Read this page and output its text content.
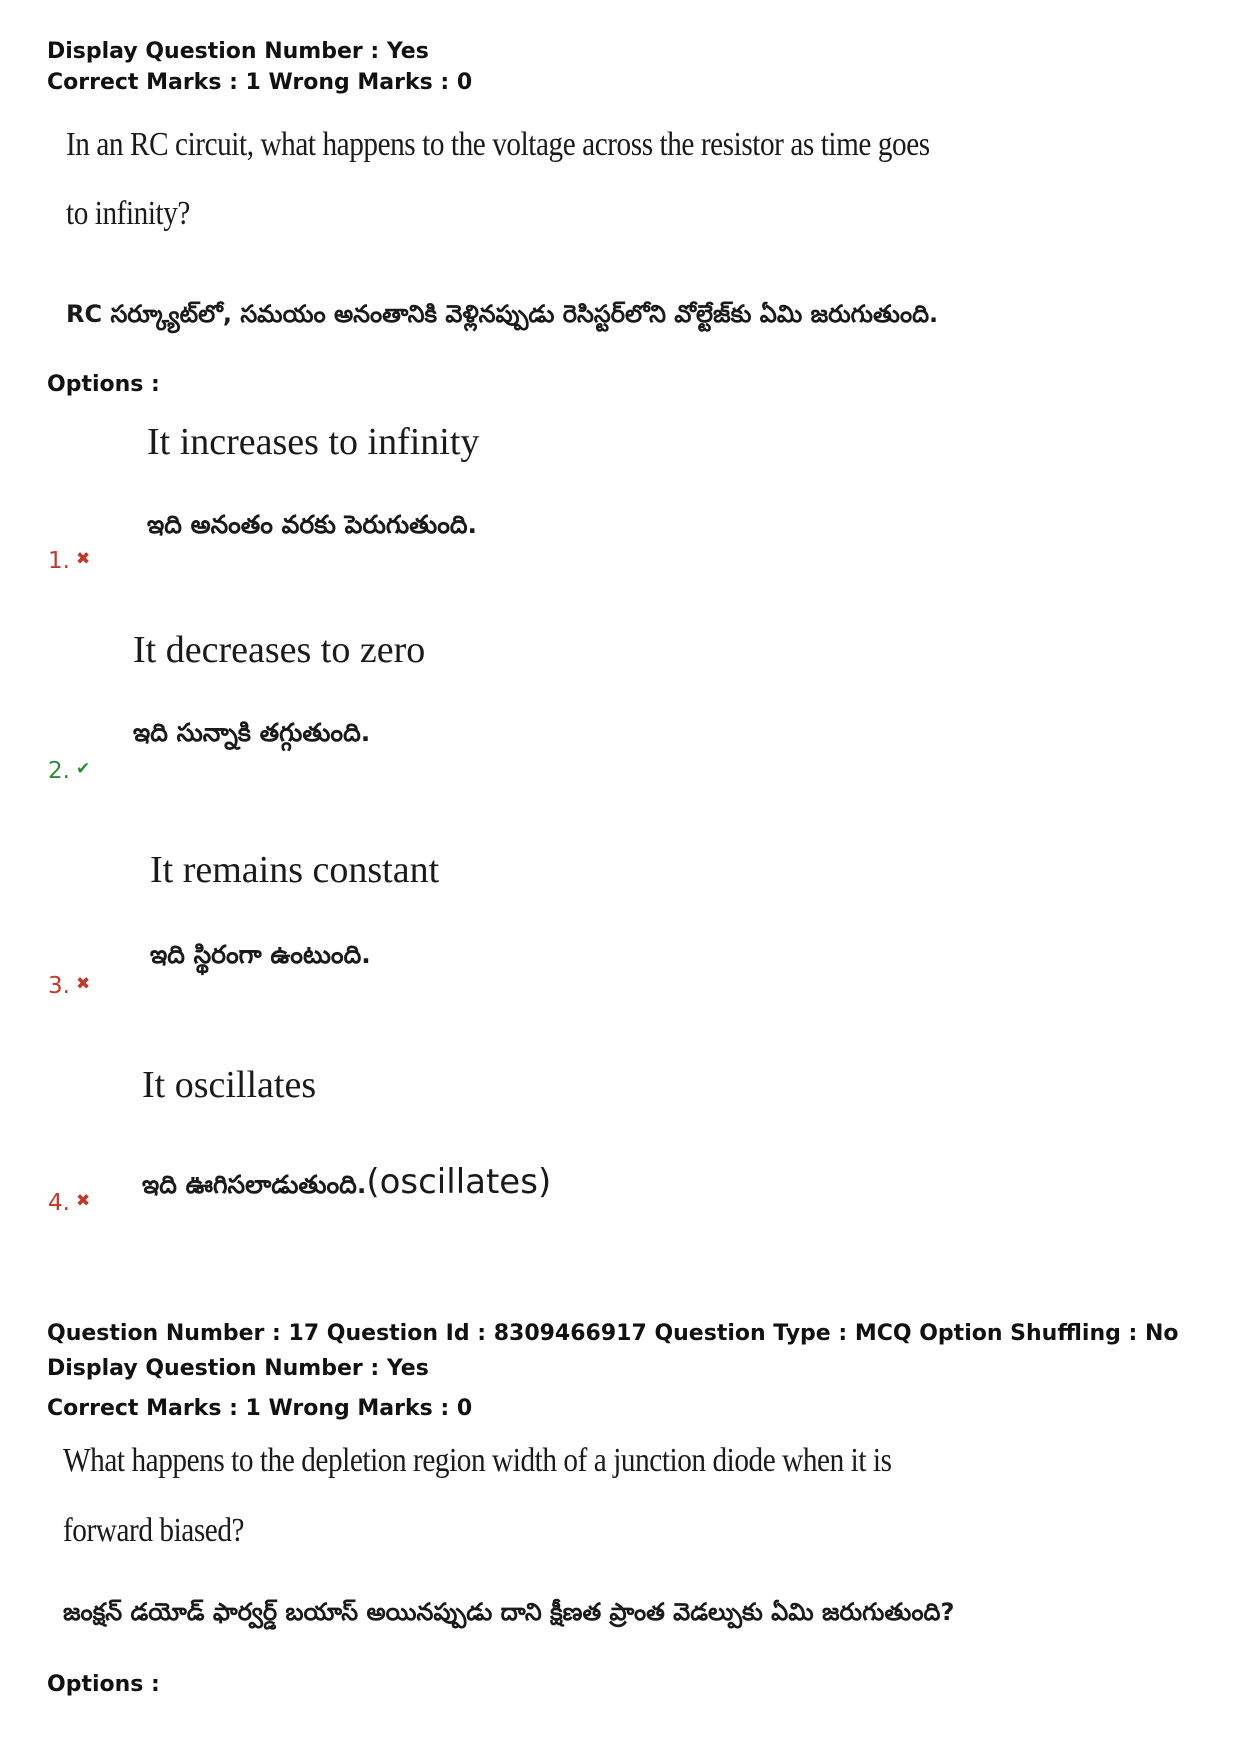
Display Question Number : Yes
Correct Marks : 1 Wrong Marks : 0
In an RC circuit, what happens to the voltage across the resistor as time goes
to infinity?
RC సర్క్యూట్‌లో, సమయం అనంతానికి వెళ్లినప్పుడు రెసిస్టర్‌లోని వోల్టేజ్‌కు ఏమి జరుగుతుంది.
Options :
It increases to infinity
ఇది అనంతం వరకు పెరుగుతుంది.
1. ✖
It decreases to zero
ఇది సున్నాకి తగ్గుతుంది.
2. ✔
It remains constant
ఇది స్థిరంగా ఉంటుంది.
3. ✖
It oscillates
ఇది ఊగిసలాడుతుంది.(oscillates)
4. ✖
Question Number : 17 Question Id : 8309466917 Question Type : MCQ Option Shuffling : No
Display Question Number : Yes
Correct Marks : 1 Wrong Marks : 0
What happens to the depletion region width of a junction diode when it is
forward biased?
జంక్షన్ డయోడ్ ఫార్వర్డ్ బయాస్ అయినప్పుడు దాని క్షీణత ప్రాంత వెడల్పుకు ఏమి జరుగుతుంది?
Options :
